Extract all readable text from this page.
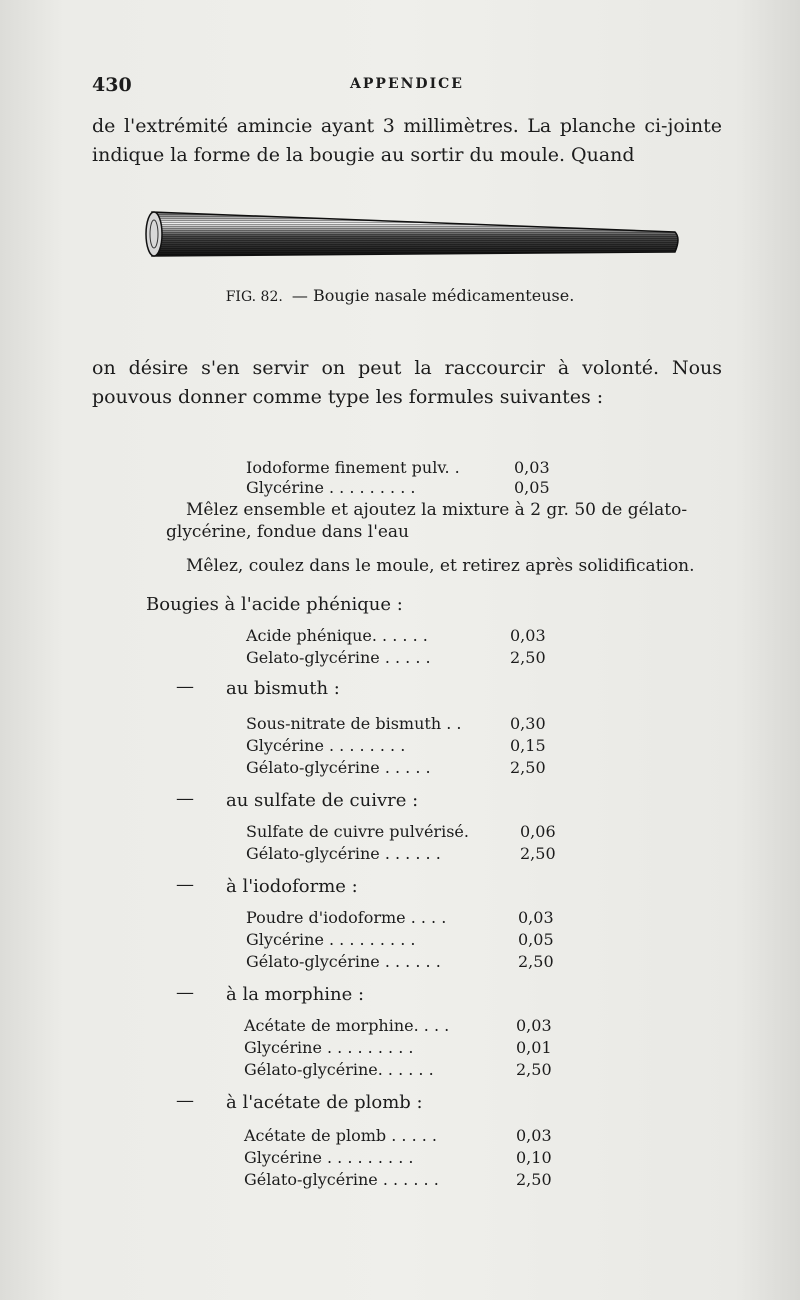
430	APPENDICE

de l'extrémité amincie ayant 3 millimètres. La planche ci-jointe indique la forme de la bougie au sortir du moule. Quand

FIG. 82. — Bougie nasale médicamenteuse.

on désire s'en servir on peut la raccourcir à volonté. Nous pouvous donner comme type les formules suivantes :

Iodoforme finement pulv. .	0,03
Glycérine . . . . . . . . .	0,05
Mêlez ensemble et ajoutez la mixture à 2 gr. 50 de gélato-
glycérine, fondue dans l'eau
Mêlez, coulez dans le moule, et retirez après solidification.
Bougies à l'acide phénique :
Acide phénique. . . . . .	0,03
Gelato-glycérine . . . . .	2,50
— au bismuth :
Sous-nitrate de bismuth . .	0,30
Glycérine . . . . . . . .	0,15
Gélato-glycérine . . . . .	2,50
— au sulfate de cuivre :
Sulfate de cuivre pulvérisé.	0,06
Gélato-glycérine . . . . . .	2,50
— à l'iodoforme :
Poudre d'iodoforme . . . .	0,03
Glycérine . . . . . . . . .	0,05
Gélato-glycérine . . . . . .	2,50
— à la morphine :
Acétate de morphine. . . .	0,03
Glycérine . . . . . . . . .	0,01
Gélato-glycérine. . . . . .	2,50
— à l'acétate de plomb :
Acétate de plomb . . . . .	0,03
Glycérine . . . . . . . . .	0,10
Gélato-glycérine . . . . . .	2,50
